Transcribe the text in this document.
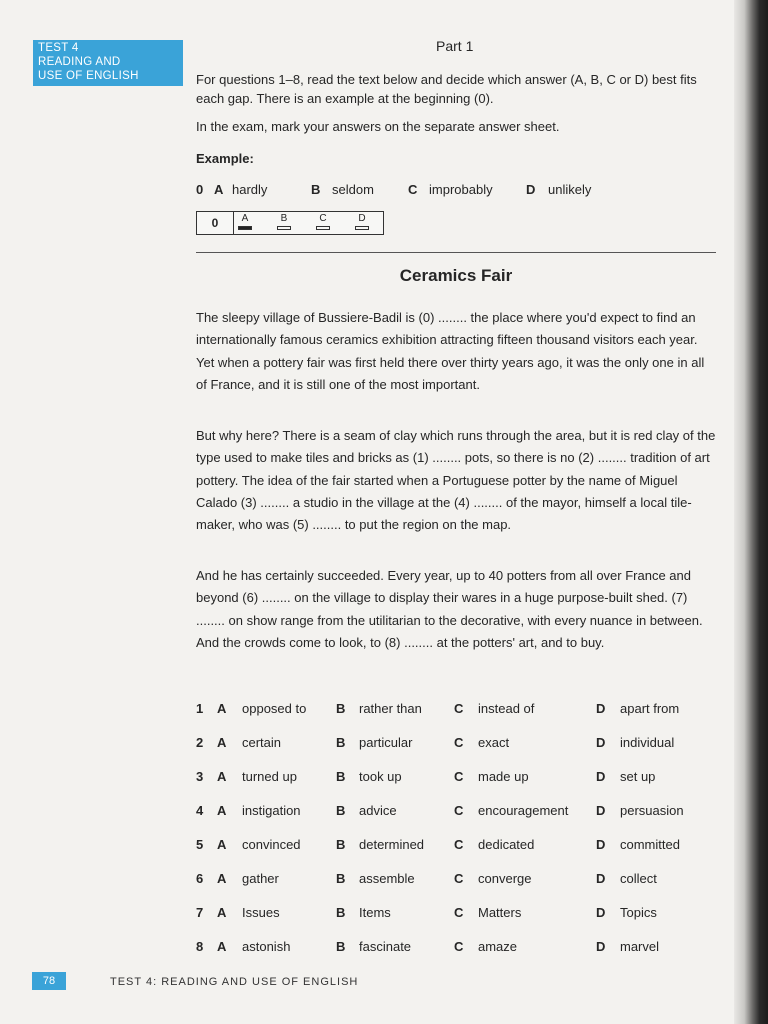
TEST 4
READING AND
USE OF ENGLISH
Part 1
For questions 1–8, read the text below and decide which answer (A, B, C or D) best fits each gap. There is an example at the beginning (0).
In the exam, mark your answers on the separate answer sheet.
Example:
0 A hardly	B seldom	C improbably	D unlikely
0	A	B	C	D
Ceramics Fair
The sleepy village of Bussiere-Badil is (0) ........ the place where you'd expect to find an internationally famous ceramics exhibition attracting fifteen thousand visitors each year. Yet when a pottery fair was first held there over thirty years ago, it was the only one in all of France, and it is still one of the most important.
But why here? There is a seam of clay which runs through the area, but it is red clay of the type used to make tiles and bricks as (1) ........ pots, so there is no (2) ........ tradition of art pottery. The idea of the fair started when a Portuguese potter by the name of Miguel Calado (3) ........ a studio in the village at the (4) ........ of the mayor, himself a local tile-maker, who was (5) ........ to put the region on the map.
And he has certainly succeeded. Every year, up to 40 potters from all over France and beyond (6) ........ on the village to display their wares in a huge purpose-built shed. (7) ........ on show range from the utilitarian to the decorative, with every nuance in between. And the crowds come to look, to (8) ........ at the potters' art, and to buy.
1 A opposed to B rather than C instead of	D apart from
2 A certain	B particular	C exact	D individual
3 A turned up	B took up	C made up	D set up
4 A instigation	B advice	C encouragement D persuasion
5 A convinced	B determined C dedicated	D committed
6 A gather	B assemble	C converge	D collect
7 A Issues	B Items	C Matters	D Topics
8 A astonish	B fascinate	C amaze	D marvel
78	TEST 4: READING AND USE OF ENGLISH
